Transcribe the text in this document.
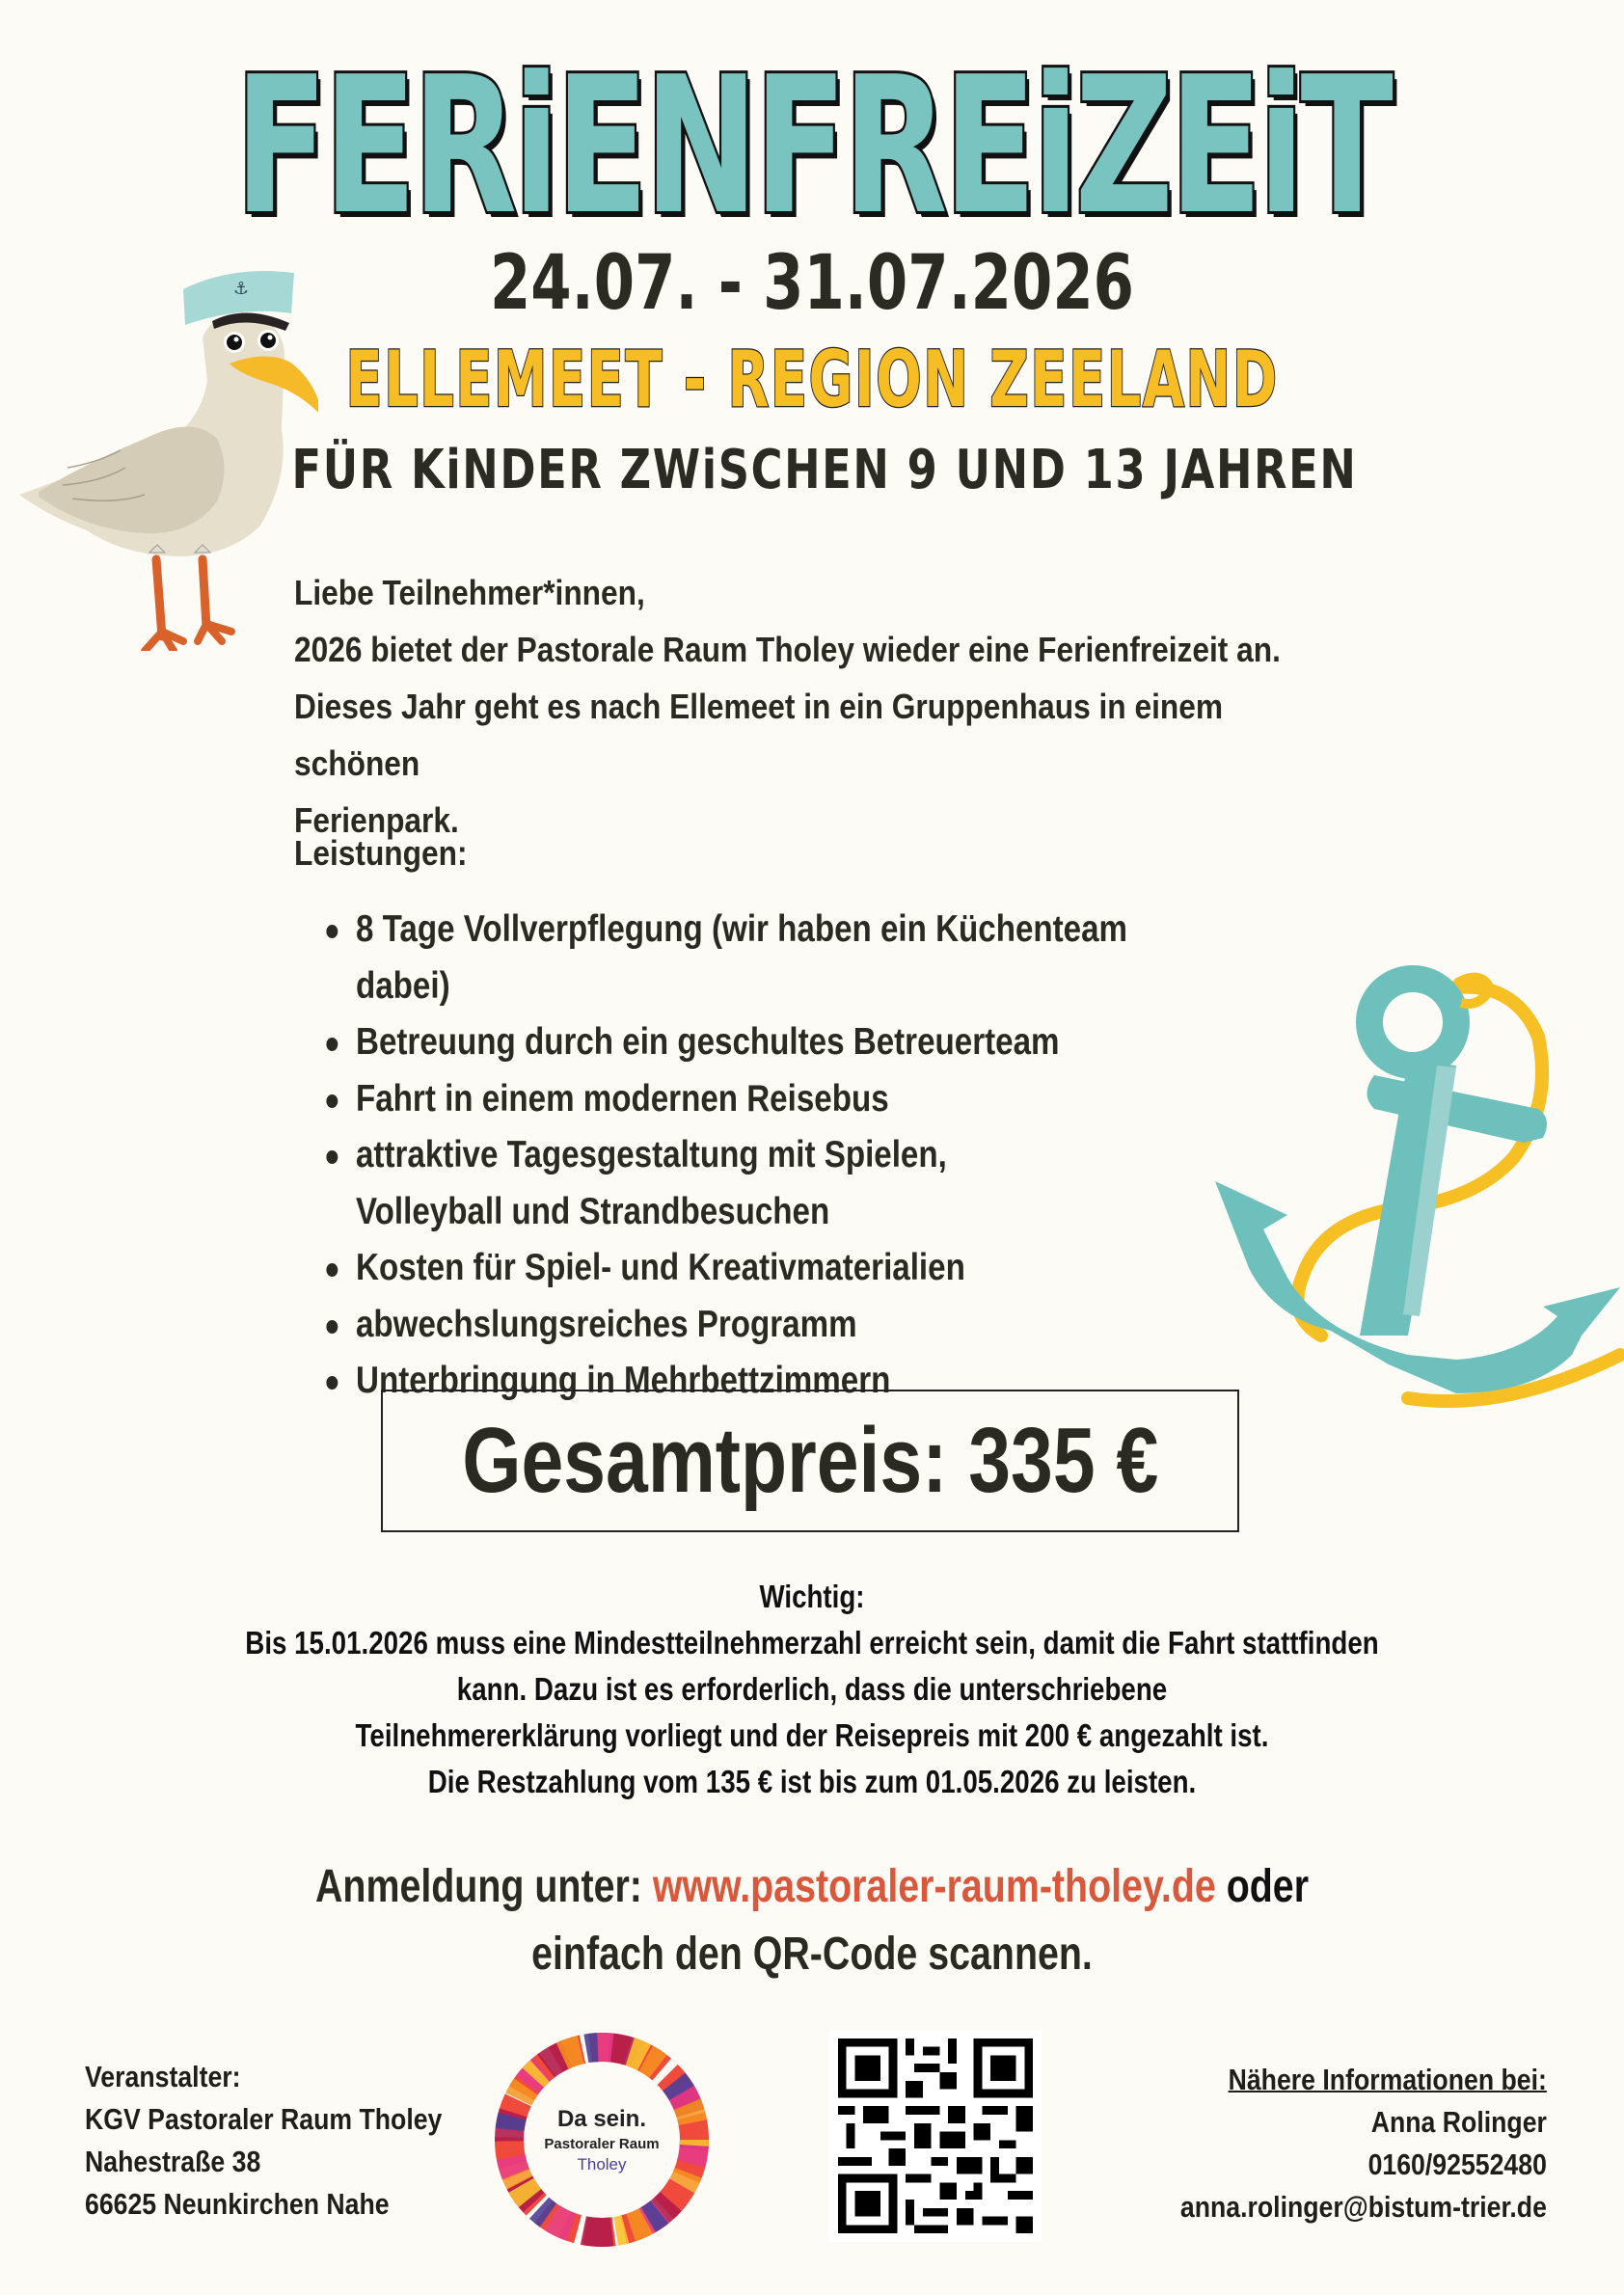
FERiENFREiZEiT
24.07. - 31.07.2026
ELLEMEET - REGION ZEELAND
FÜR KiNDER ZWiSCHEN 9 UND 13 JAHREN
⚓

Liebe Teilnehmer*innen,

2026 bietet der Pastorale Raum Tholey wieder eine Ferienfreizeit an.

Dieses Jahr geht es nach Ellemeet in ein Gruppenhaus in einem schönen

Ferienpark.

Leistungen:
8 Tage Vollverpflegung (wir haben ein Küchenteam dabei)
Betreuung durch ein geschultes Betreuerteam
Fahrt in einem modernen Reisebus
attraktive Tagesgestaltung mit Spielen, Volleyball und Strandbesuchen
Kosten für Spiel- und Kreativmaterialien
abwechslungsreiches Programm
Unterbringung in Mehrbettzimmern
Gesamtpreis: 335 €

Wichtig:

Bis 15.01.2026 muss eine Mindestteilnehmerzahl erreicht sein, damit die Fahrt stattfinden

kann. Dazu ist es erforderlich, dass die unterschriebene

Teilnehmererklärung vorliegt und der Reisepreis mit 200 € angezahlt ist.

Die Restzahlung vom 135 € ist bis zum 01.05.2026 zu leisten.

Anmeldung unter: www.pastoraler-raum-tholey.de oder

einfach den QR-Code scannen.

Veranstalter:

KGV Pastoraler Raum Tholey

Nahestraße 38

66625 Neunkirchen Nahe

Da sein.
Pastoraler Raum
Tholey

Nähere Informationen bei:

Anna Rolinger

0160/92552480

anna.rolinger@bistum-trier.de
